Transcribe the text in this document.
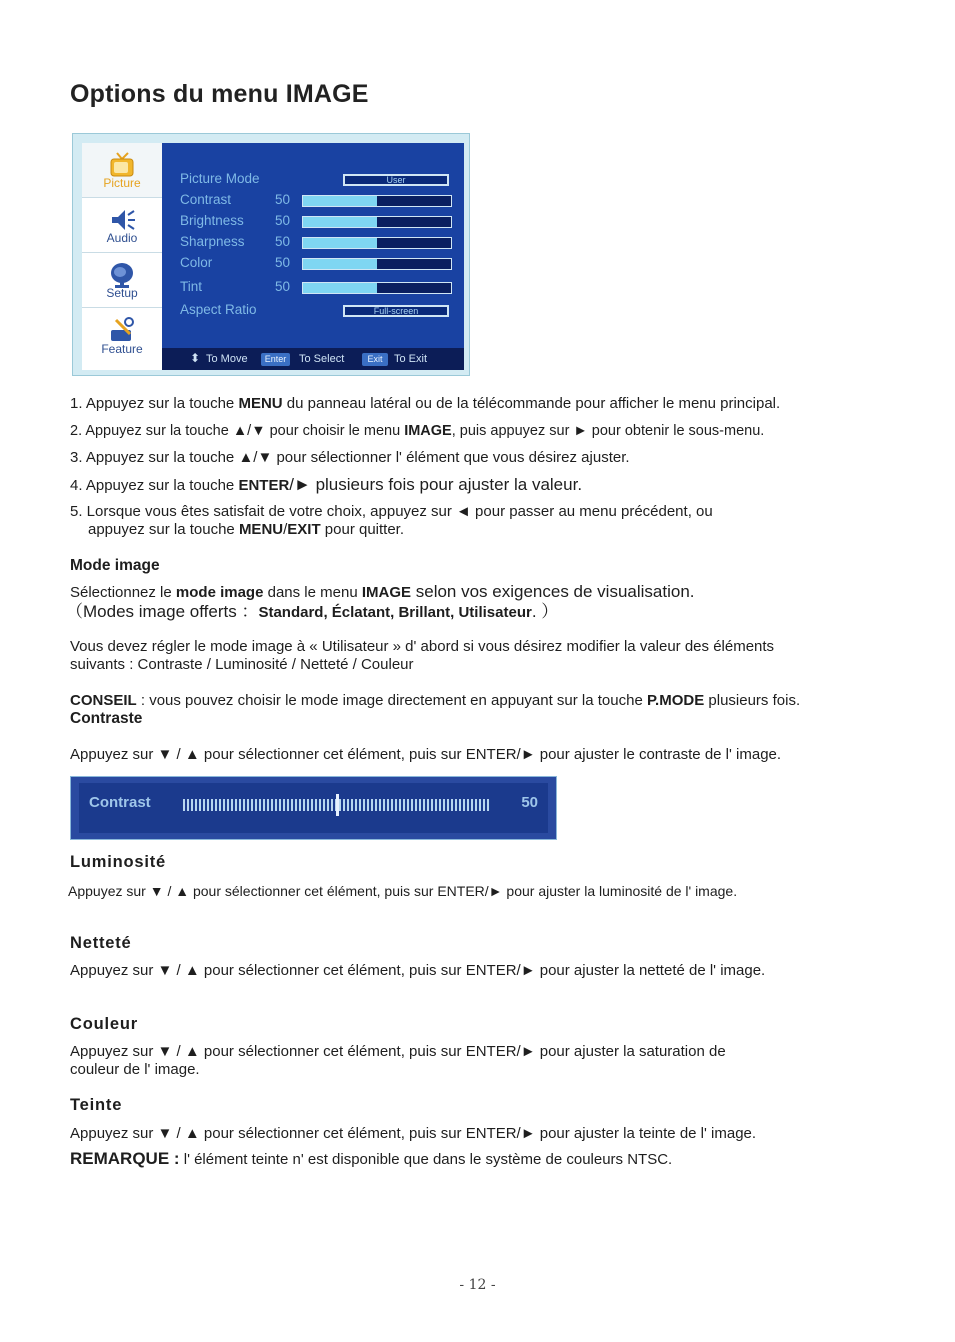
Options du menu IMAGE
Picture
Audio
Setup
Feature
Picture Mode	User
Contrast	50
Brightness	50
Sharpness	50
Color	50
Tint	50
Aspect Ratio	Full-screen
⬍ To Move	Enter	To Select	Exit	To Exit
1. Appuyez sur la touche MENU du panneau latéral ou de la télécommande pour afficher le menu principal.
2. Appuyez sur la touche ▲/▼ pour choisir le menu IMAGE, puis appuyez sur ► pour obtenir le sous-menu.
3. Appuyez sur la touche ▲/▼ pour sélectionner l' élément que vous désirez ajuster.
4. Appuyez sur la touche ENTER/► plusieurs fois pour ajuster la valeur.
5. Lorsque vous êtes satisfait de votre choix, appuyez sur ◄ pour passer au menu précédent, ou
appuyez sur la touche MENU/EXIT pour quitter.
Mode image
Sélectionnez le mode image dans le menu IMAGE selon vos exigences de visualisation.
（Modes image offerts ：Standard, Éclatant, Brillant, Utilisateur. ）
Vous devez régler le mode image à « Utilisateur » d' abord si vous désirez modifier la valeur des éléments
suivants : Contraste / Luminosité / Netteté / Couleur
CONSEIL : vous pouvez choisir le mode image directement en appuyant sur la touche P.MODE plusieurs fois.
Contraste
Appuyez sur ▼ / ▲ pour sélectionner cet élément, puis sur ENTER/► pour ajuster le contraste de l' image.
Contrast	50
Luminosité
Appuyez sur ▼ / ▲ pour sélectionner cet élément, puis sur ENTER/► pour ajuster la luminosité de l' image.
Netteté
Appuyez sur ▼ / ▲ pour sélectionner cet élément, puis sur ENTER/► pour ajuster la netteté de l' image.
Couleur
Appuyez sur ▼ / ▲ pour sélectionner cet élément, puis sur ENTER/► pour ajuster la saturation de
couleur de l' image.
Teinte
Appuyez sur ▼ / ▲ pour sélectionner cet élément, puis sur ENTER/► pour ajuster la teinte de l' image.
REMARQUE : l' élément teinte n' est disponible que dans le système de couleurs NTSC.
- 12 -
